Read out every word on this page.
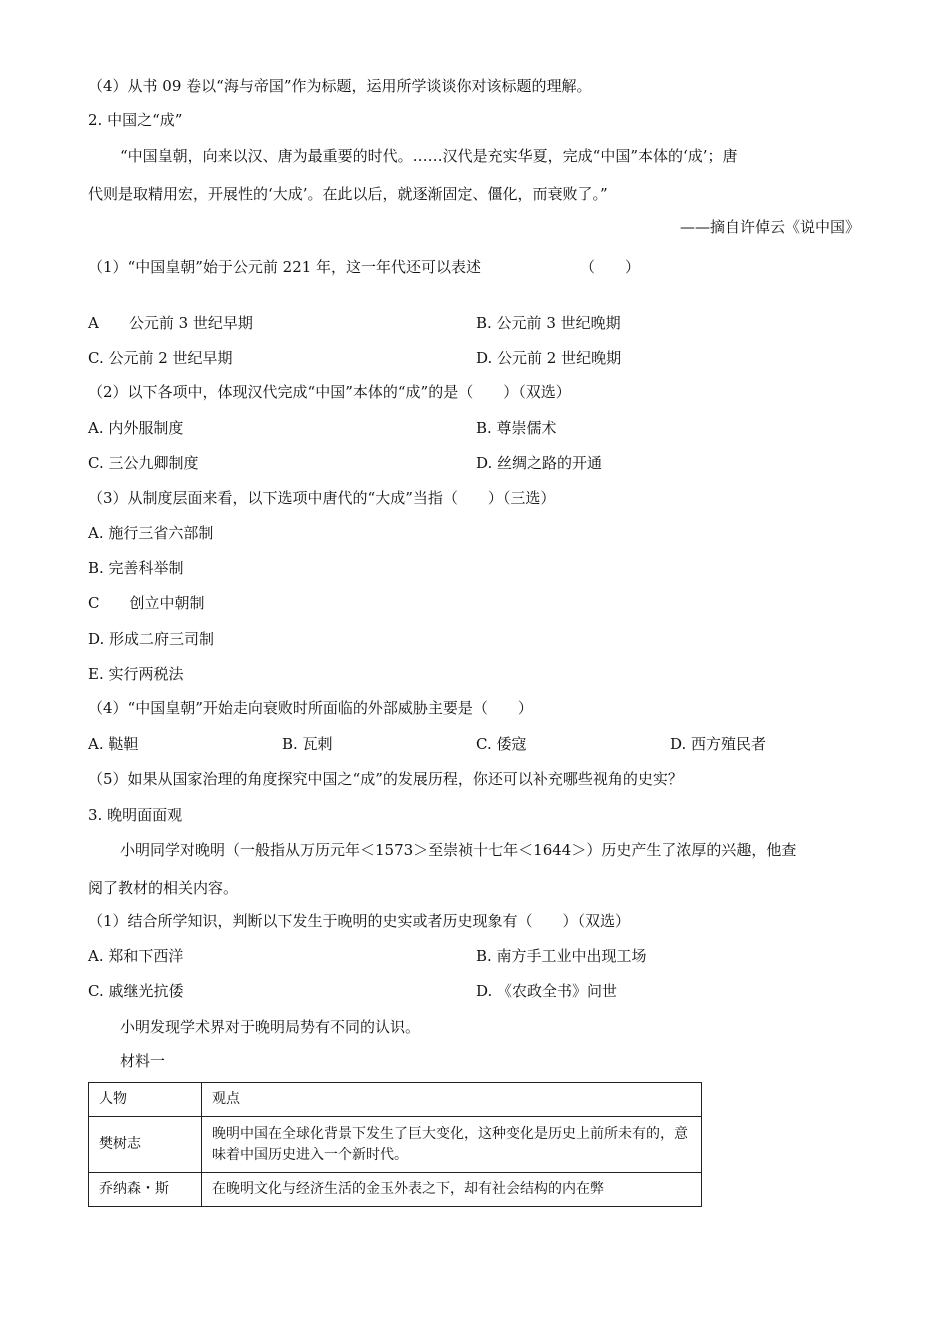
（4）从书 09 卷以“海与帝国”作为标题，运用所学谈谈你对该标题的理解。
2. 中国之“成”
“中国皇朝，向来以汉、唐为最重要的时代。……汉代是充实华夏，完成“中国”本体的‘成’；唐
代则是取精用宏，开展性的‘大成’。在此以后，就逐渐固定、僵化，而衰败了。”
——摘自许倬云《说中国》
（1）“中国皇朝”始于公元前 221 年，这一年代还可以表述	（　　）
A　　公元前 3 世纪早期	B. 公元前 3 世纪晚期
C. 公元前 2 世纪早期	D. 公元前 2 世纪晚期
（2）以下各项中，体现汉代完成“中国”本体的“成”的是（　　）（双选）
A. 内外服制度	B. 尊崇儒术
C. 三公九卿制度	D. 丝绸之路的开通
（3）从制度层面来看，以下选项中唐代的“大成”当指（　　）（三选）
A. 施行三省六部制
B. 完善科举制
C　　创立中朝制
D. 形成二府三司制
E. 实行两税法
（4）“中国皇朝”开始走向衰败时所面临的外部威胁主要是（　　）
A. 鞑靼	B. 瓦剌	C. 倭寇	D. 西方殖民者
（5）如果从国家治理的角度探究中国之“成”的发展历程，你还可以补充哪些视角的史实？
3. 晚明面面观
小明同学对晚明（一般指从万历元年＜1573＞至崇祯十七年＜1644＞）历史产生了浓厚的兴趣，他查
阅了教材的相关内容。
（1）结合所学知识，判断以下发生于晚明的史实或者历史现象有（　　）（双选）
A. 郑和下西洋	B. 南方手工业中出现工场
C. 戚继光抗倭	D. 《农政全书》问世
小明发现学术界对于晚明局势有不同的认识。
材料一
人物	观点
樊树志	晚明中国在全球化背景下发生了巨大变化，这种变化是历史上前所未有的，意味着中国历史进入一个新时代。
乔纳森・斯	在晚明文化与经济生活的金玉外表之下，却有社会结构的内在弊
